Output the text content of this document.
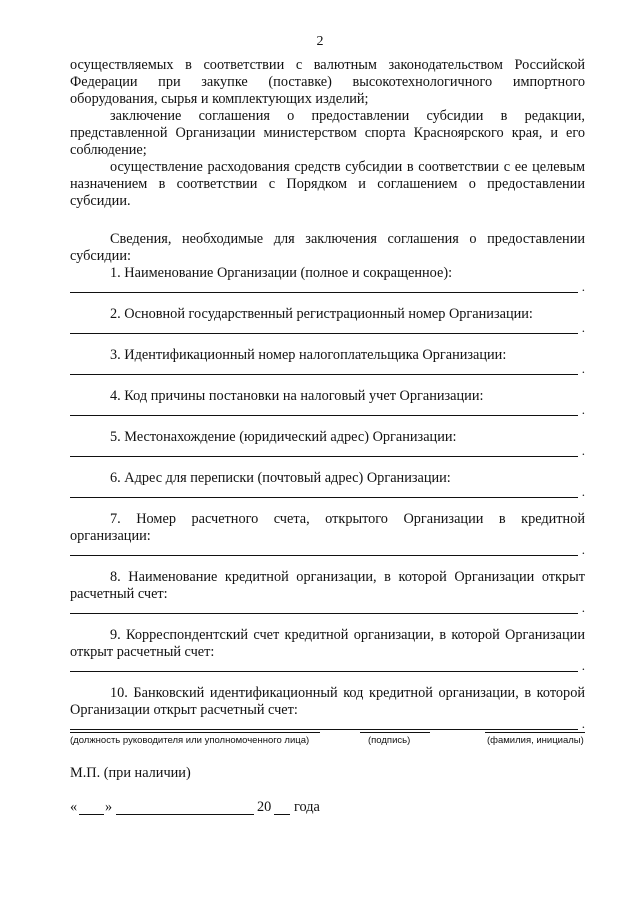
2

осуществляемых в соответствии с валютным законодательством Российской Федерации при закупке (поставке) высокотехнологичного импортного оборудования, сырья и комплектующих изделий;

заключение соглашения о предоставлении субсидии в редакции, представленной Организации министерством спорта Красноярского края, и его соблюдение;

осуществление расходования средств субсидии в соответствии с ее целевым назначением в соответствии с Порядком и соглашением о предоставлении субсидии.

Сведения, необходимые для заключения соглашения о предоставлении субсидии:

1. Наименование Организации (полное и сокращенное):

.

2. Основной государственный регистрационный номер Организации:

.

3. Идентификационный номер налогоплательщика Организации:

.

4. Код причины постановки на налоговый учет Организации:

.

5. Местонахождение (юридический адрес) Организации:

.

6. Адрес для переписки (почтовый адрес) Организации:

.

7. Номер расчетного счета, открытого Организации в кредитной организации:

.

8. Наименование кредитной организации, в которой Организации открыт расчетный счет:

.

9. Корреспондентский счет кредитной организации, в которой Организации открыт расчетный счет:

.

10. Банковский идентификационный код кредитной организации, в которой Организации открыт расчетный счет:

.
(должность руководителя или уполномоченного лица)	(подпись)	(фамилия, инициалы)
М.П. (при наличии)
« »	20 года
